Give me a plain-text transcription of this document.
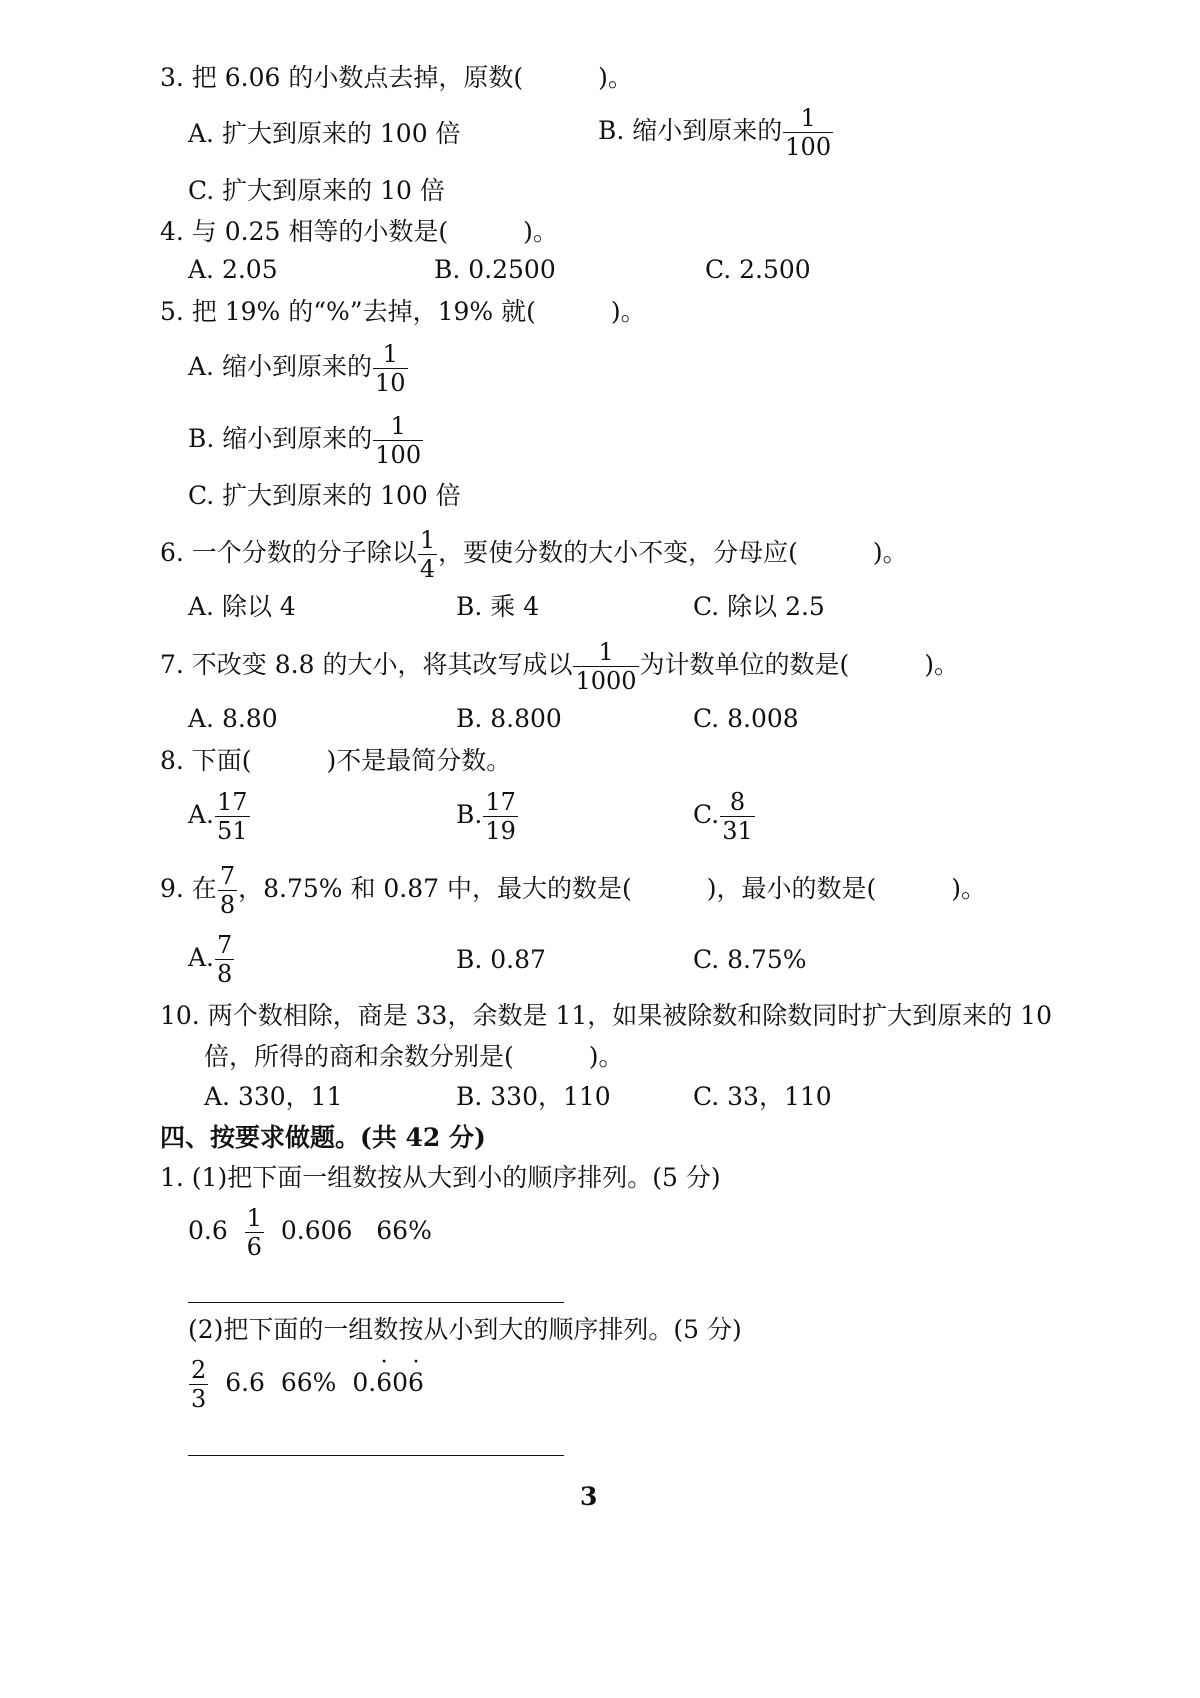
3. 把 6.06 的小数点去掉，原数(　　　)。
A. 扩大到原来的 100 倍	B. 缩小到原来的 $\frac{1}{100}$
C. 扩大到原来的 10 倍
4. 与 0.25 相等的小数是(　　　)。
A. 2.05	B. 0.2500	C. 2.500
5. 把 19% 的“%”去掉，19% 就(　　　)。
A. 缩小到原来的 $\frac{1}{10}$
B. 缩小到原来的 $\frac{1}{100}$
C. 扩大到原来的 100 倍
6. 一个分数的分子除以 $\frac{1}{4}$ ，要使分数的大小不变，分母应(　　　)。
A. 除以 4	B. 乘 4	C. 除以 2.5
7. 不改变 8.8 的大小，将其改写成以 $\frac{1}{1000}$ 为计数单位的数是(　　　)。
A. 8.80	B. 8.800	C. 8.008
8. 下面(　　　)不是最简分数。
A. $\frac{17}{51}$	B. $\frac{17}{19}$	C. $\frac{8}{31}$
9. 在 $\frac{7}{8}$ ，8.75% 和 0.87 中，最大的数是(　　　)，最小的数是(　　　)。
A. $\frac{7}{8}$	B. 0.87	C. 8.75%
10. 两个数相除，商是 33，余数是 11，如果被除数和除数同时扩大到原来的 10
倍，所得的商和余数分别是(　　　)。
A. 330，11	B. 330，110	C. 33，110
四、按要求做题。(共 42 分)
1. (1)把下面一组数按从大到小的顺序排列。(5 分)
$0.6 \frac{1}{6} 0.606$ 66%
(2)把下面的一组数按从小到大的顺序排列。(5 分)
$\frac{2}{3} 6.6$ 66% 0.· 60· 6
3
